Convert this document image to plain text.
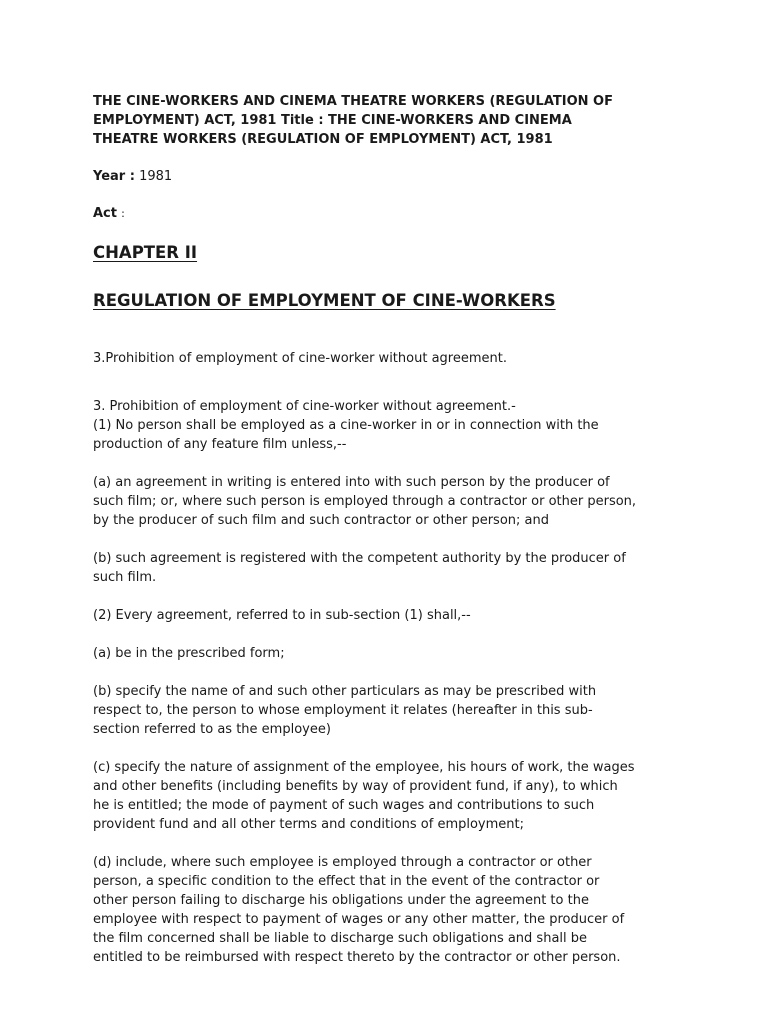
THE CINE-WORKERS AND CINEMA THEATRE WORKERS (REGULATION OF

EMPLOYMENT) ACT, 1981 Title : THE CINE-WORKERS AND CINEMA

THEATRE WORKERS (REGULATION OF EMPLOYMENT) ACT, 1981

Year : 1981

Act :

CHAPTER II
REGULATION OF EMPLOYMENT OF CINE-WORKERS

3.Prohibition of employment of cine-worker without agreement.

3. Prohibition of employment of cine-worker without agreement.-

(1) No person shall be employed as a cine-worker in or in connection with the
production of any feature film unless,--

(a) an agreement in writing is entered into with such person by the producer of
such film; or, where such person is employed through a contractor or other person,
by the producer of such film and such contractor or other person; and

(b) such agreement is registered with the competent authority by the producer of
such film.

(2) Every agreement, referred to in sub-section (1) shall,--

(a) be in the prescribed form;

(b) specify the name of and such other particulars as may be prescribed with
respect to, the person to whose employment it relates (hereafter in this sub-
section referred to as the employee)

(c) specify the nature of assignment of the employee, his hours of work, the wages
and other benefits (including benefits by way of provident fund, if any), to which
he is entitled; the mode of payment of such wages and contributions to such
provident fund and all other terms and conditions of employment;

(d) include, where such employee is employed through a contractor or other
person, a specific condition to the effect that in the event of the contractor or
other person failing to discharge his obligations under the agreement to the
employee with respect to payment of wages or any other matter, the producer of
the film concerned shall be liable to discharge such obligations and shall be
entitled to be reimbursed with respect thereto by the contractor or other person.
